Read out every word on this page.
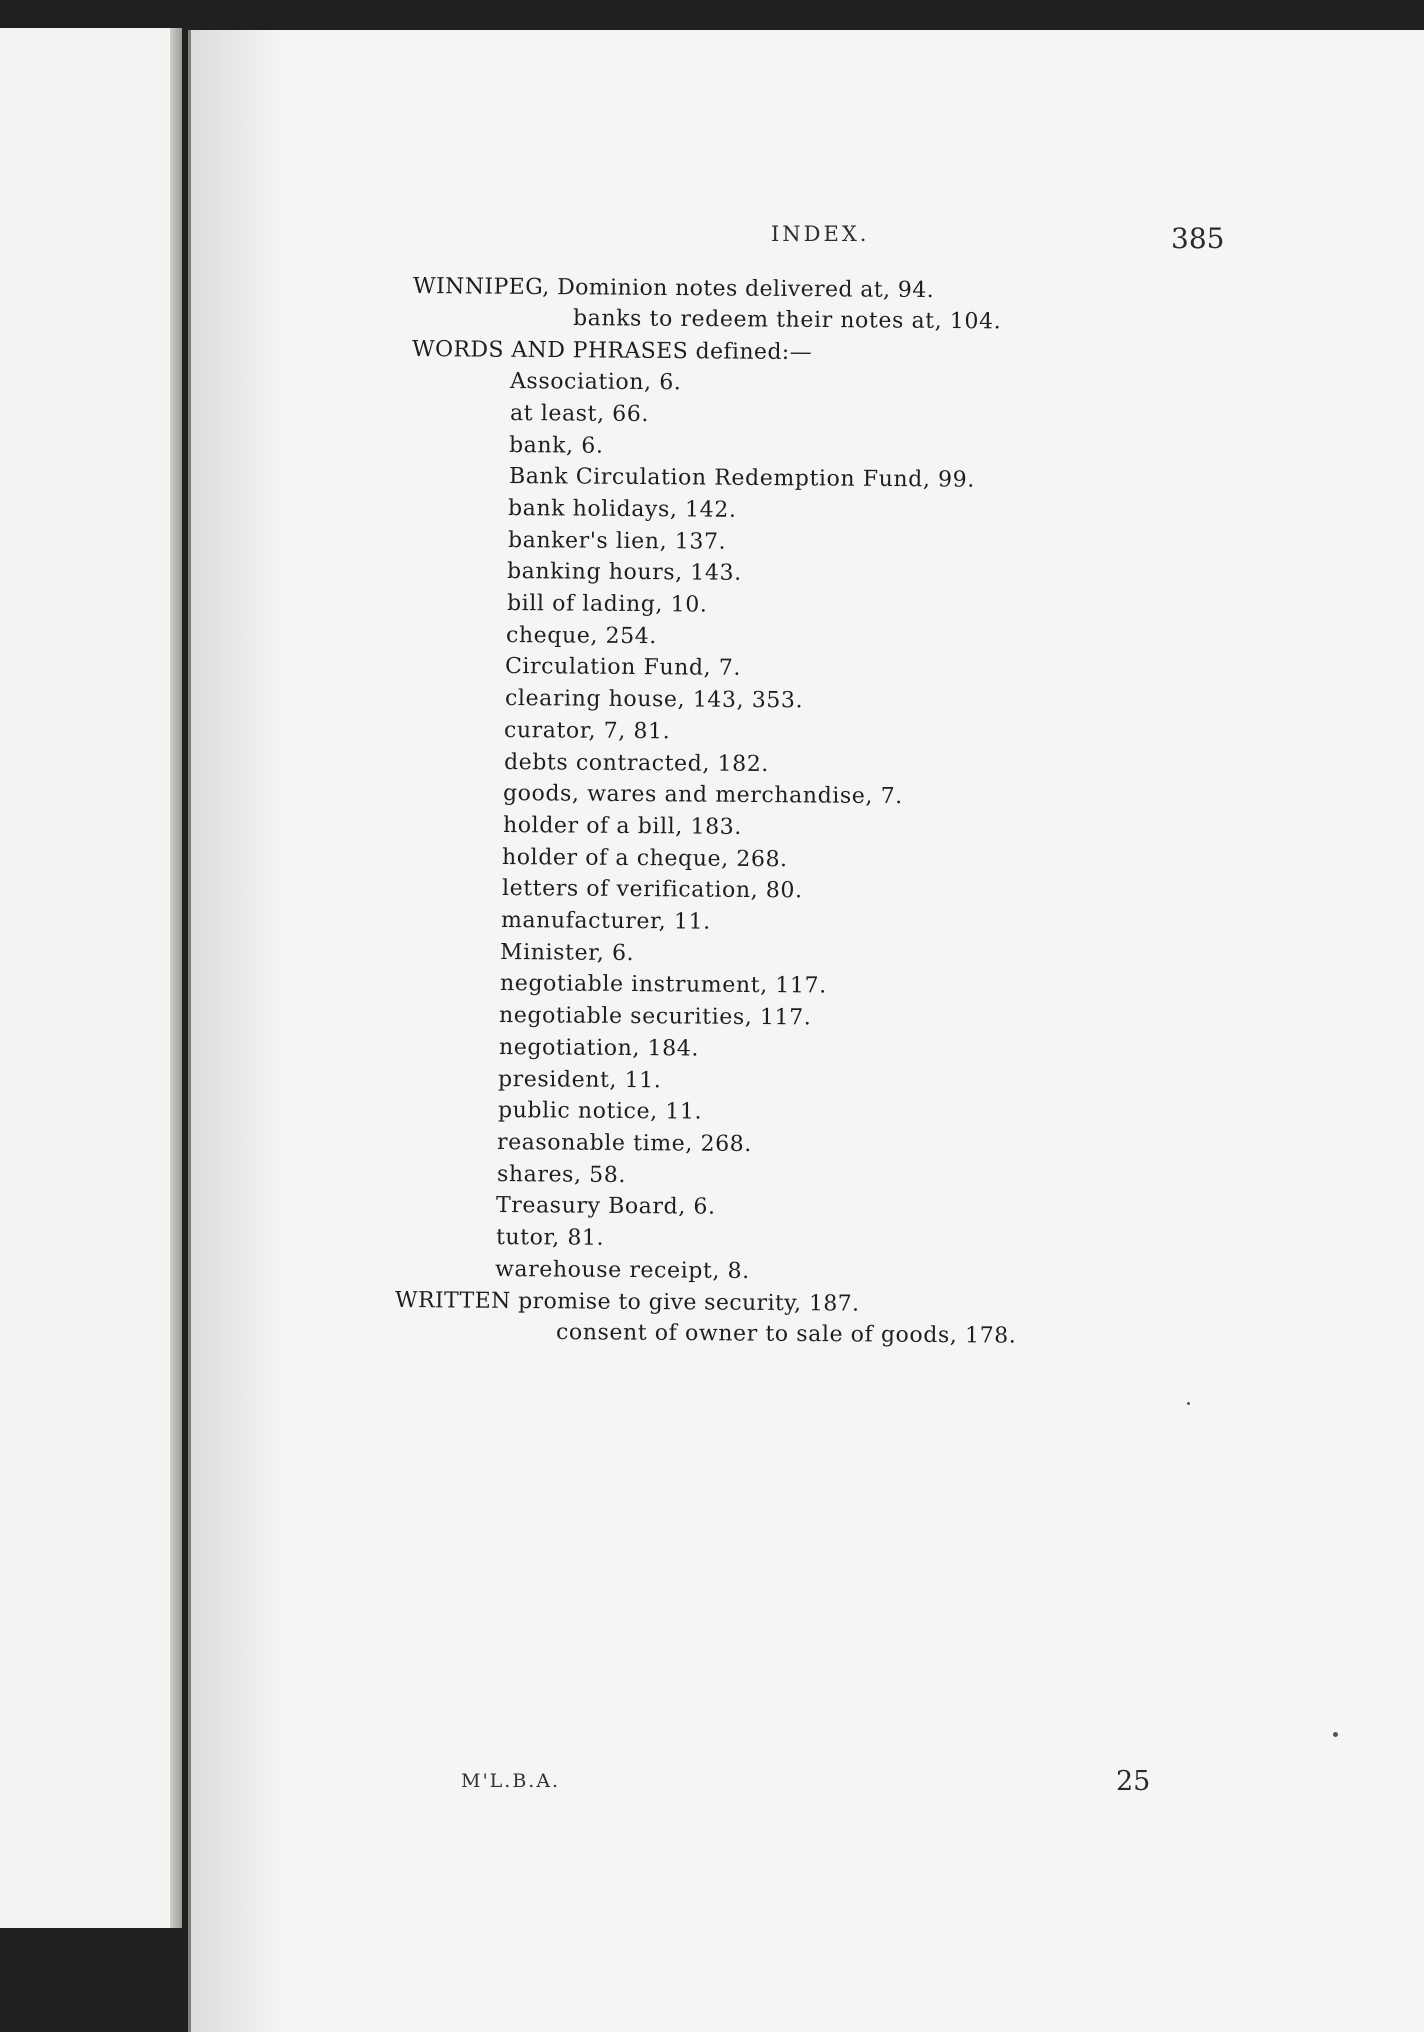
INDEX.	385
WINNIPEG, Dominion notes delivered at, 94.
banks to redeem their notes at, 104.
WORDS AND PHRASES defined:—
Association, 6.
at least, 66.
bank, 6.
Bank Circulation Redemption Fund, 99.
bank holidays, 142.
banker's lien, 137.
banking hours, 143.
bill of lading, 10.
cheque, 254.
Circulation Fund, 7.
clearing house, 143, 353.
curator, 7, 81.
debts contracted, 182.
goods, wares and merchandise, 7.
holder of a bill, 183.
holder of a cheque, 268.
letters of verification, 80.
manufacturer, 11.
Minister, 6.
negotiable instrument, 117.
negotiable securities, 117.
negotiation, 184.
president, 11.
public notice, 11.
reasonable time, 268.
shares, 58.
Treasury Board, 6.
tutor, 81.
warehouse receipt, 8.
WRITTEN promise to give security, 187.
consent of owner to sale of goods, 178.
M'L.B.A.	25
